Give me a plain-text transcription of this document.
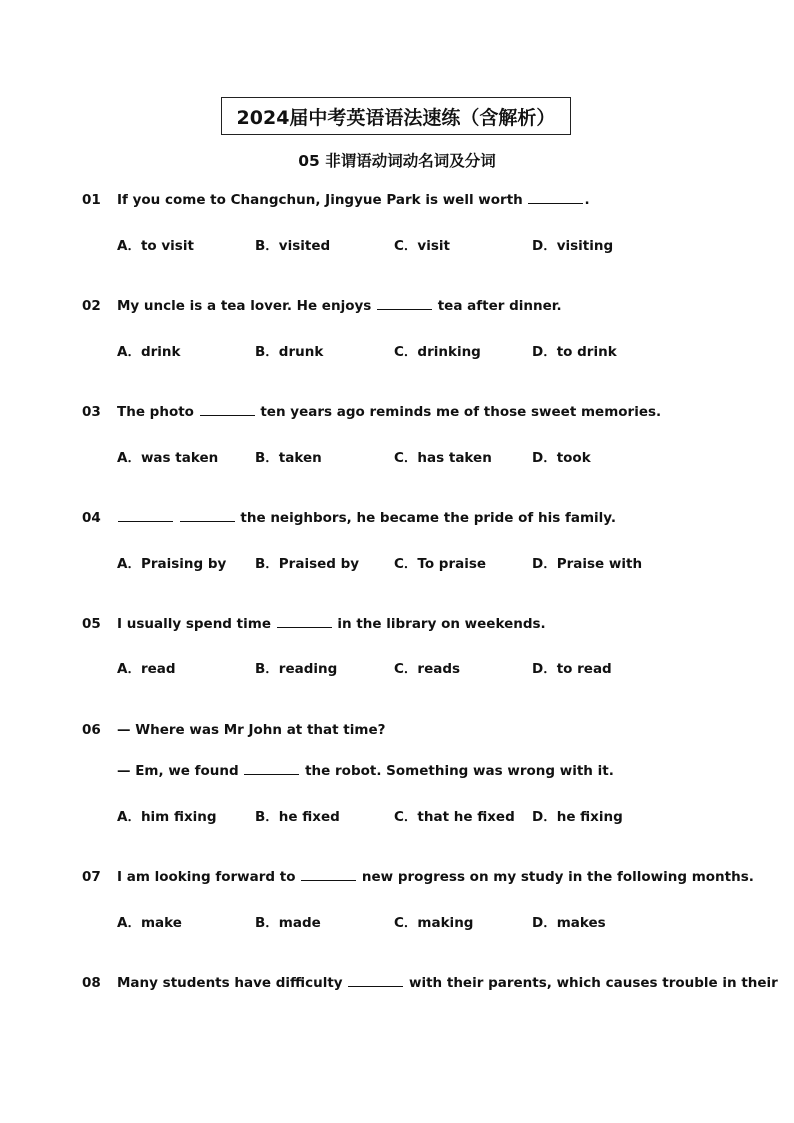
2024届中考英语语法速练（含解析）
05 非谓语动词动名词及分词
01	If you come to Changchun, Jingyue Park is well worth	.
A．to visit	B．visited	C．visit	D．visiting
02	My uncle is a tea lover. He enjoys	tea after dinner.
A．drink	B．drunk	C．drinking	D．to drink
03	The photo	ten years ago reminds me of those sweet memories.
A．was taken	B．taken	C．has taken	D．took
04	the neighbors, he became the pride of his family.
A．Praising by B．Praised by	C．To praise	D．Praise with
05	I usually spend time	in the library on weekends.
A．read	B．reading	C．reads	D．to read
06	— Where was Mr John at that time?
— Em, we found	the robot. Something was wrong with it.
A．him fixing	B．he fixed	C．that he fixed D．he fixing
07	I am looking forward to	new progress on my study in the following months.
A．make	B．made	C．making	D．makes
08	Many students have difficulty	with their parents, which causes trouble in their
